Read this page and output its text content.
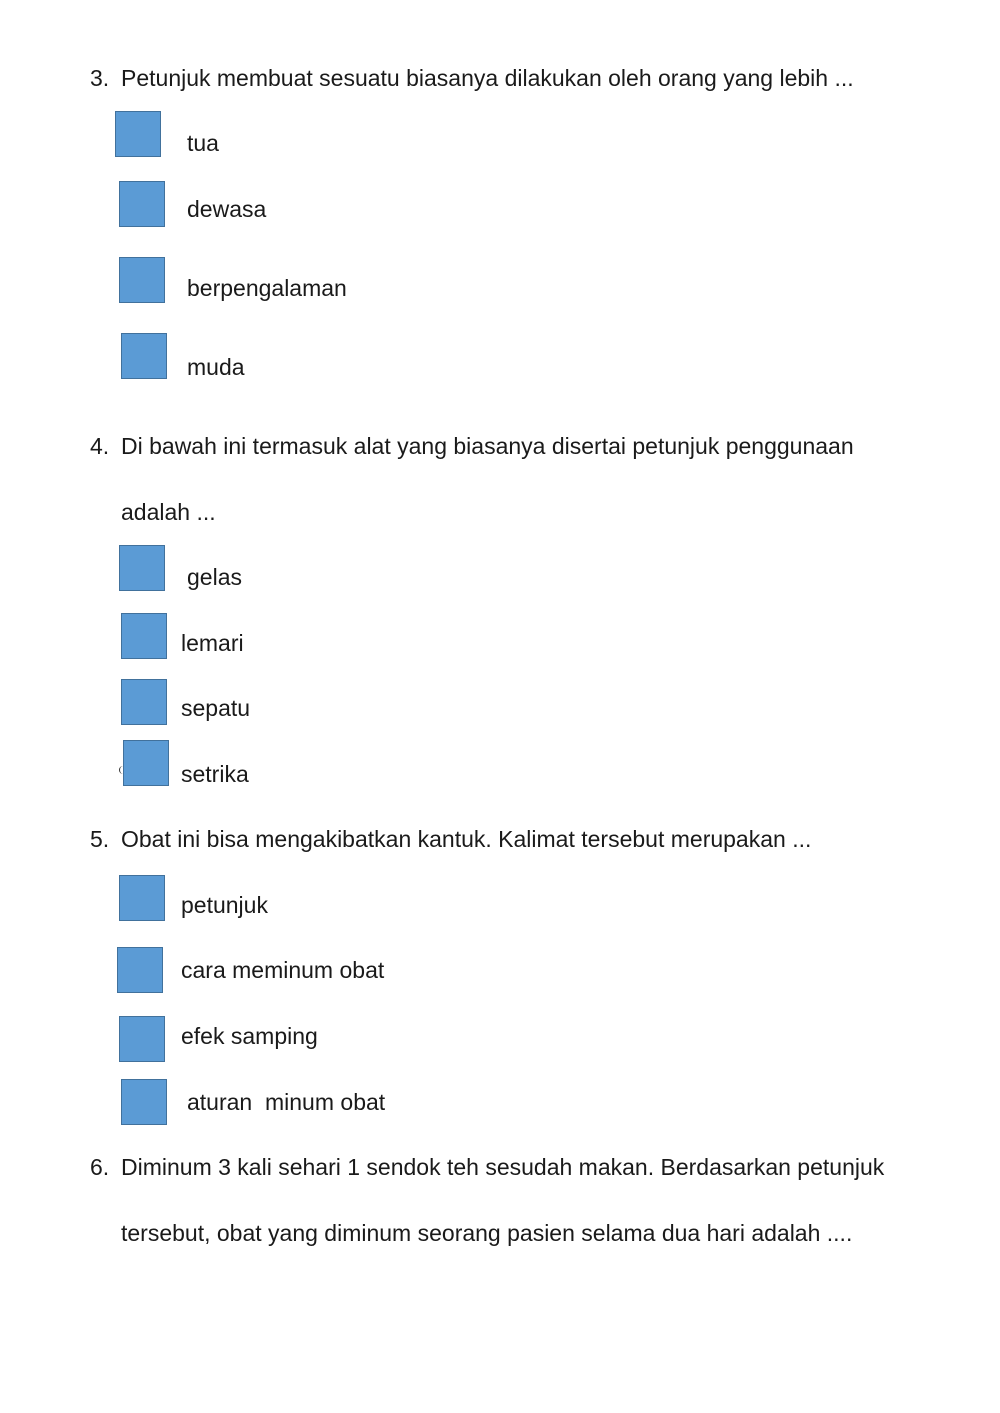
3. Petunjuk membuat sesuatu biasanya dilakukan oleh orang yang lebih ...
tua
dewasa
berpengalaman
muda
4. Di bawah ini termasuk alat yang biasanya disertai petunjuk penggunaan
adalah ...
gelas
lemari
sepatu
setrika
5. Obat ini bisa mengakibatkan kantuk. Kalimat tersebut merupakan ...
petunjuk
cara meminum obat
efek samping
aturan  minum obat
6. Diminum 3 kali sehari 1 sendok teh sesudah makan. Berdasarkan petunjuk
tersebut, obat yang diminum seorang pasien selama dua hari adalah ....
